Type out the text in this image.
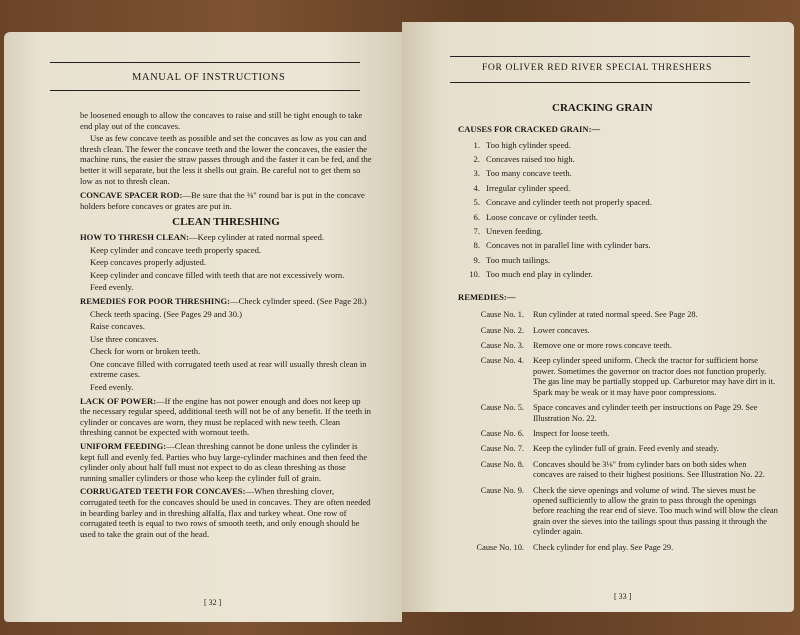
MANUAL OF INSTRUCTIONS

be loosened enough to allow the concaves to raise and still be tight enough to take end play out of the concaves.

Use as few concave teeth as possible and set the concaves as low as you can and thresh clean. The fewer the concave teeth and the lower the concaves, the easier the machine runs, the easier the straw passes through and the faster it can be fed, and the better it will separate, but the less it shells out grain. Be careful not to get them so low as not to thresh clean.

CONCAVE SPACER ROD:—Be sure that the ⅜" round bar is put in the concave holders before concaves or grates are put in.

CLEAN THRESHING

HOW TO THRESH CLEAN:—Keep cylinder at rated normal speed.

Keep cylinder and concave teeth properly spaced.

Keep concaves properly adjusted.

Keep cylinder and concave filled with teeth that are not excessively worn.

Feed evenly.

REMEDIES FOR POOR THRESHING:—Check cylinder speed. (See Page 28.)

Check teeth spacing. (See Pages 29 and 30.)

Raise concaves.

Use three concaves.

Check for worn or broken teeth.

One concave filled with corrugated teeth used at rear will usually thresh clean in extreme cases.

Feed evenly.

LACK OF POWER:—If the engine has not power enough and does not keep up the necessary regular speed, additional teeth will not be of any benefit. If the teeth in cylinder or concaves are worn, they must be replaced with new teeth. Clean threshing cannot be expected with wornout teeth.

UNIFORM FEEDING:—Clean threshing cannot be done unless the cylinder is kept full and evenly fed. Parties who buy large-cylinder machines and then feed the cylinder only about half full must not expect to do as clean threshing as those running smaller cylinders or those who keep the cylinder full of grain.

CORRUGATED TEETH FOR CONCAVES:—When threshing clover, corrugated teeth for the concaves should be used in concaves. They are often needed in bearding barley and in threshing alfalfa, flax and turkey wheat. One row of corrugated teeth is equal to two rows of smooth teeth, and only enough should be used to take the grain out of the head.

[ 32 ]
FOR OLIVER RED RIVER SPECIAL THRESHERS
CRACKING GRAIN
CAUSES FOR CRACKED GRAIN:—
1. Too high cylinder speed.
2. Concaves raised too high.
3. Too many concave teeth.
4. Irregular cylinder speed.
5. Concave and cylinder teeth not properly spaced.
6. Loose concave or cylinder teeth.
7. Uneven feeding.
8. Concaves not in parallel line with cylinder bars.
9. Too much tailings.
10. Too much end play in cylinder.
REMEDIES:—
Cause No. 1.	Run cylinder at rated normal speed. See Page 28.
Cause No. 2.	Lower concaves.
Cause No. 3.	Remove one or more rows concave teeth.
Cause No. 4.	Keep cylinder speed uniform. Check the tractor for sufficient horse power. Sometimes the governor on tractor does not function properly. The gas line may be partially stopped up. Carburetor may have dirt in it. Spark may be weak or it may have poor compressions.
Cause No. 5.	Space concaves and cylinder teeth per instructions on Page 29. See Illustration No. 22.
Cause No. 6.	Inspect for loose teeth.
Cause No. 7.	Keep the cylinder full of grain. Feed evenly and steady.
Cause No. 8.	Concaves should be 3⅛" from cylinder bars on both sides when concaves are raised to their highest positions. See Illustration No. 22.
Cause No. 9.	Check the sieve openings and volume of wind. The sieves must be opened sufficiently to allow the grain to pass through the openings before reaching the rear end of sieve. Too much wind will blow the clean grain over the sieves into the tailings spout thus passing it through the cylinder again.
Cause No. 10.	Check cylinder for end play. See Page 29.
[ 33 ]
